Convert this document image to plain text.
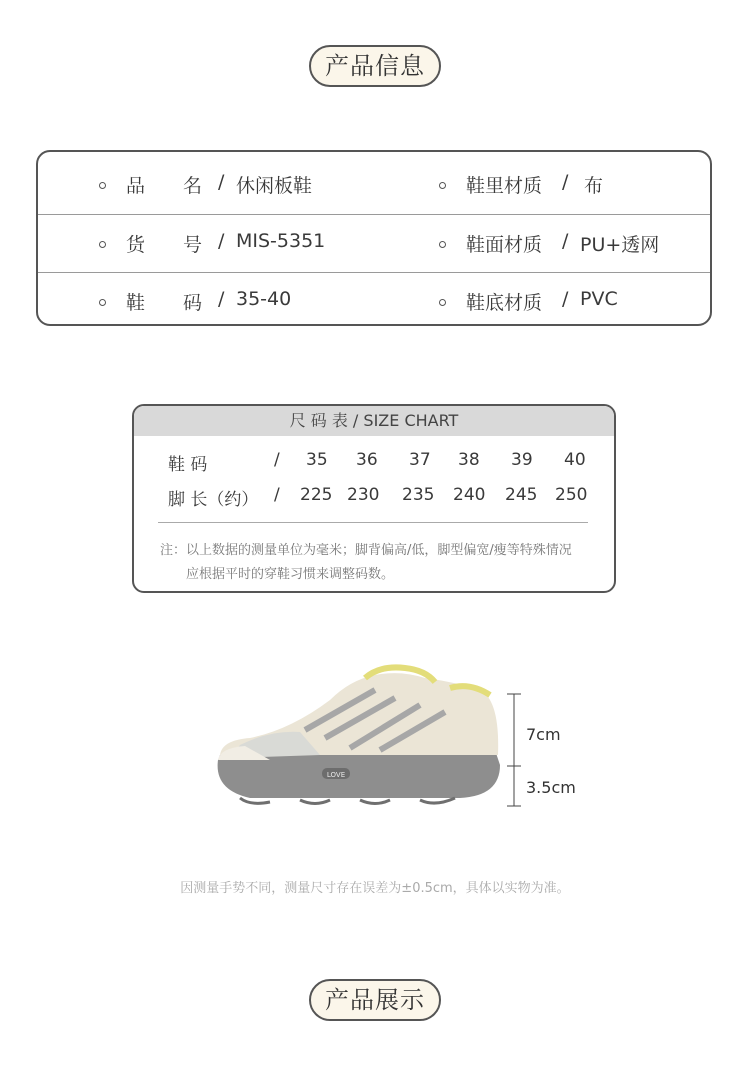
产品信息
品　　名 / 休闲板鞋	鞋里材质 / 布
货　　号 / MIS-5351	鞋面材质 / PU+透网
鞋　　码 / 35-40	鞋底材质 / PVC
尺 码 表 / SIZE CHART
鞋 码	/ 35 36 37 38 39 40
脚 长（约） / 225 230 235 240 245 250
注：以上数据的测量单位为毫米；脚背偏高/低，脚型偏宽/瘦等特殊情况
应根据平时的穿鞋习惯来调整码数。
LOVE
7cm
3.5cm
因测量手势不同，测量尺寸存在误差为±0.5cm，具体以实物为准。
产品展示
